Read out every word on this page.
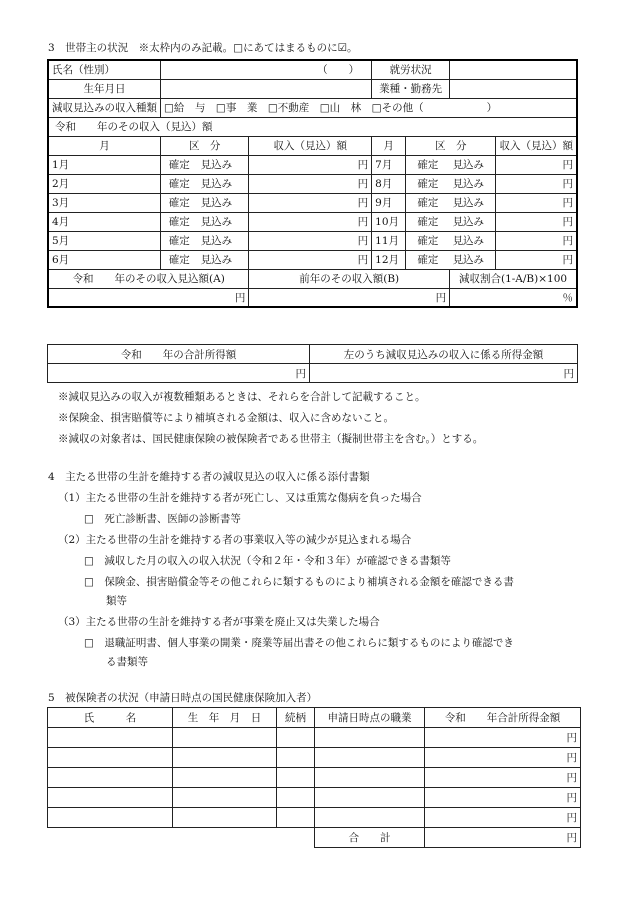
3　世帯主の状況　※太枠内のみ記載。□にあてはまるものに☑。
氏名（性別）	（　　）			就労状況			
生年月日				業種・勤務先			
減収見込みの収入種類	□給　与　□事　業　□不動産　□山　林　□その他（　　　　　　）						
令和　　年のその収入（見込）額							
月	区　分		収入（見込）額	月	区　分		収入（見込）額
1月	確定	見込み	円	7月	確定	見込み	円
2月	確定	見込み	円	8月	確定	見込み	円
3月	確定	見込み	円	9月	確定	見込み	円
4月	確定	見込み	円	10月	確定	見込み	円
5月	確定	見込み	円	11月	確定	見込み	円
6月	確定	見込み	円	12月	確定	見込み	円
令和　　年のその収入見込額(A)			前年のその収入額(B)			減収割合(1-A/B)×100	
円			円			％	
令和　　年の合計所得額	左のうち減収見込みの収入に係る所得金額
円	円
※減収見込みの収入が複数種類あるときは、それらを合計して記載すること。
※保険金、損害賠償等により補填される金額は、収入に含めないこと。
※減収の対象者は、国民健康保険の被保険者である世帯主（擬制世帯主を含む。）とする。
4　主たる世帯の生計を維持する者の減収見込の収入に係る添付書類
（1）主たる世帯の生計を維持する者が死亡し、又は重篤な傷病を負った場合
□　死亡診断書、医師の診断書等
（2）主たる世帯の生計を維持する者の事業収入等の減少が見込まれる場合
□　減収した月の収入の収入状況（令和２年・令和３年）が確認できる書類等
□　保険金、損害賠償金等その他これらに類するものにより補填される金額を確認できる書
類等
（3）主たる世帯の生計を維持する者が事業を廃止又は失業した場合
□　退職証明書、個人事業の開業・廃業等届出書その他これらに類するものにより確認でき
る書類等
5　被保険者の状況（申請日時点の国民健康保険加入者）
氏　　　名	生　年　月　日	続柄	申請日時点の職業	令和　　年合計所得金額
				円
				円
				円
				円
				円
			合　　計	円
